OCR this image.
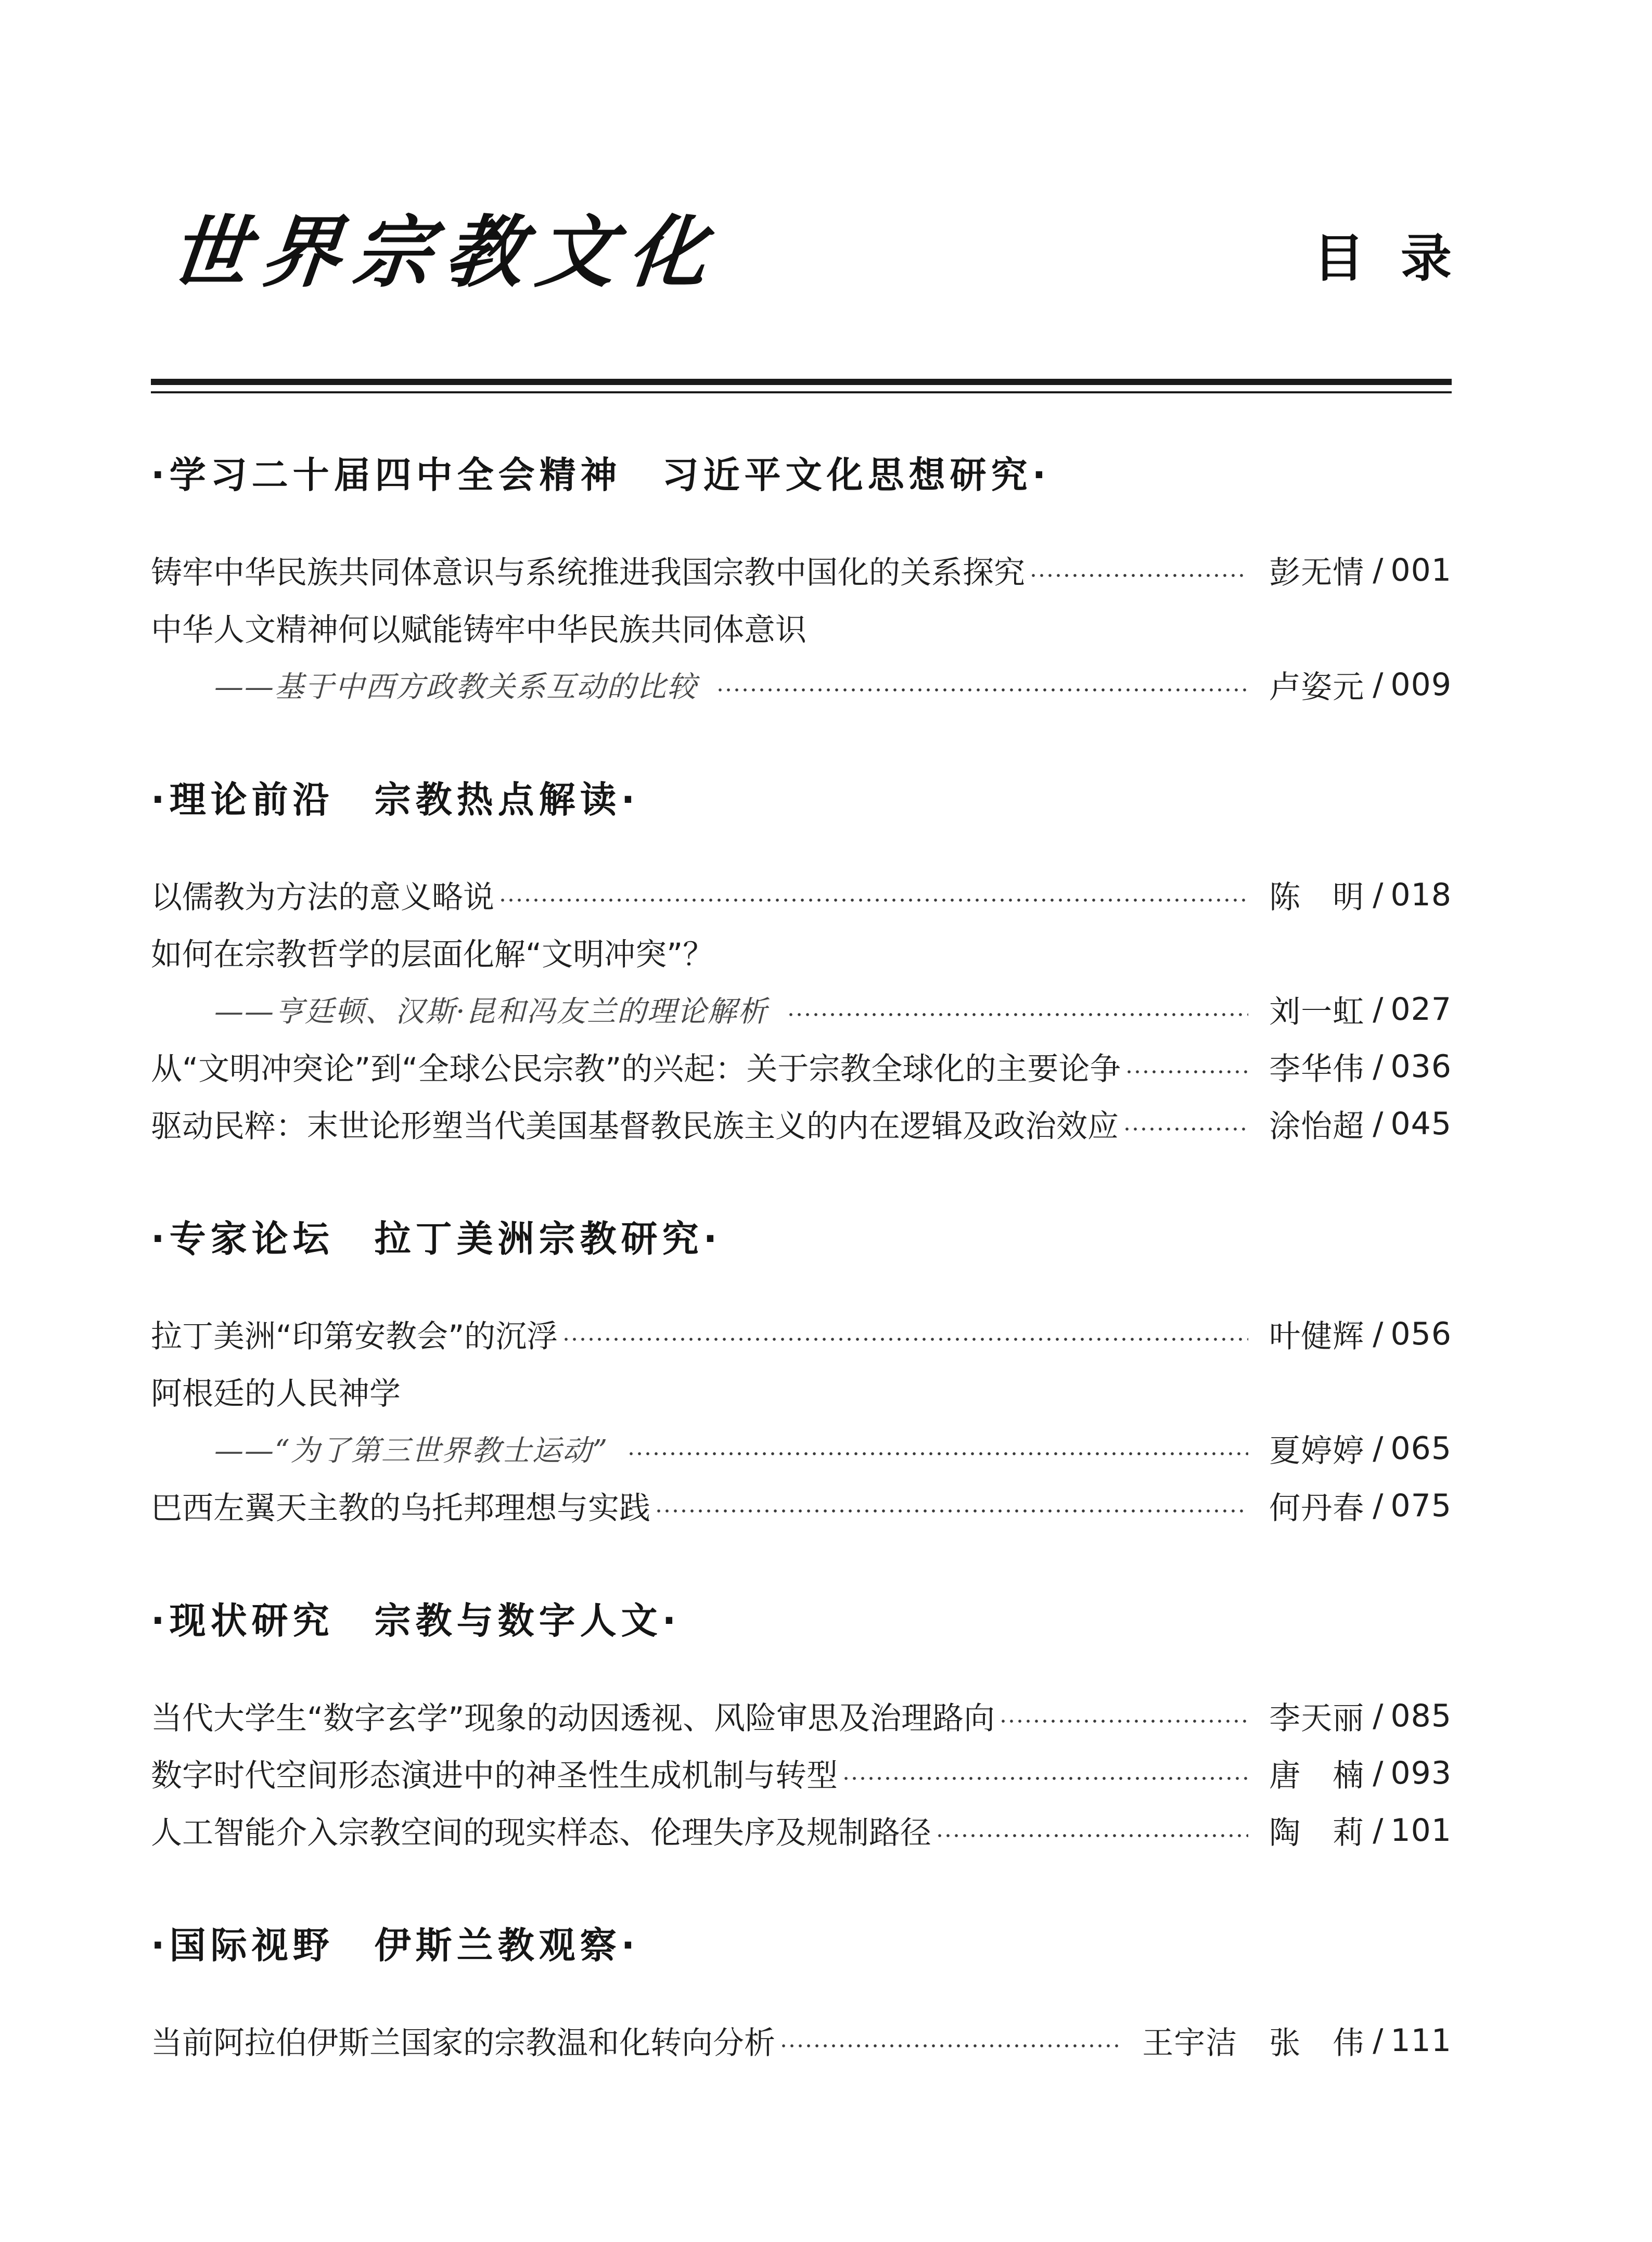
世界宗教文化	目录
·学习二十届四中全会精神 习近平文化思想研究·
铸牢中华民族共同体意识与系统推进我国宗教中国化的关系探究	彭无情 / 001
中华人文精神何以赋能铸牢中华民族共同体意识
——基于中西方政教关系互动的比较	卢姿元 / 009
·理论前沿 宗教热点解读·
以儒教为方法的意义略说	陈　明 / 018
如何在宗教哲学的层面化解“文明冲突”？
——亨廷顿、汉斯·昆和冯友兰的理论解析	刘一虹 / 027
从“文明冲突论”到“全球公民宗教”的兴起：关于宗教全球化的主要论争	李华伟 / 036
驱动民粹：末世论形塑当代美国基督教民族主义的内在逻辑及政治效应	涂怡超 / 045
·专家论坛 拉丁美洲宗教研究·
拉丁美洲“印第安教会”的沉浮	叶健辉 / 056
阿根廷的人民神学
——“为了第三世界教士运动”	夏婷婷 / 065
巴西左翼天主教的乌托邦理想与实践	何丹春 / 075
·现状研究 宗教与数字人文·
当代大学生“数字玄学”现象的动因透视、风险审思及治理路向	李天丽 / 085
数字时代空间形态演进中的神圣性生成机制与转型	唐　楠 / 093
人工智能介入宗教空间的现实样态、伦理失序及规制路径	陶　莉 / 101
·国际视野 伊斯兰教观察·
当前阿拉伯伊斯兰国家的宗教温和化转向分析	王宇洁　张　伟 / 111
